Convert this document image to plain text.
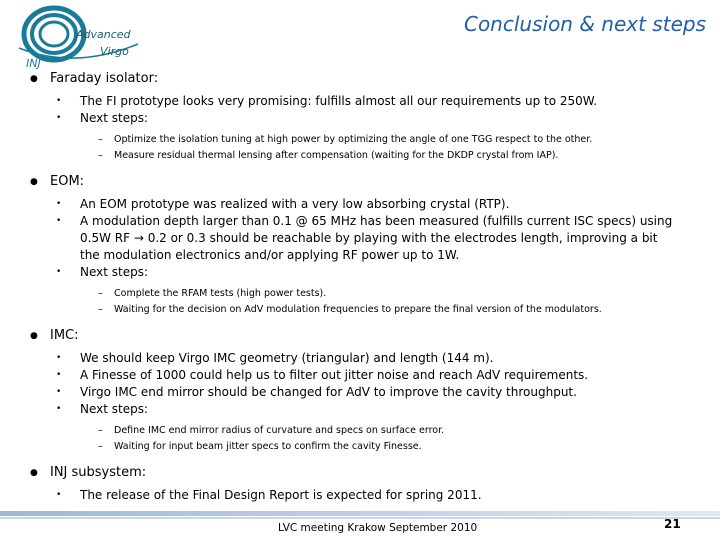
Advanced
Virgo
INJ
Conclusion & next steps
● Faraday isolator:
•	The FI prototype looks very promising: fulfills almost all our requirements up to 250W.
•	Next steps:
–	Optimize the isolation tuning at high power by optimizing the angle of one TGG respect to the other.
–	Measure residual thermal lensing after compensation (waiting for the DKDP crystal from IAP).
● EOM:
•	An EOM prototype was realized with a very low absorbing crystal (RTP).
•	A modulation depth larger than 0.1 @ 65 MHz has been measured (fulfills current ISC specs) using 0.5W RF → 0.2 or 0.3 should be reachable by playing with the electrodes length, improving a bit the modulation electronics and/or applying RF power up to 1W.
•	Next steps:
–	Complete the RFAM tests (high power tests).
–	Waiting for the decision on AdV modulation frequencies to prepare the final version of the modulators.
● IMC:
•	We should keep Virgo IMC geometry (triangular) and length (144 m).
•	A Finesse of 1000 could help us to filter out jitter noise and reach AdV requirements.
•	Virgo IMC end mirror should be changed for AdV to improve the cavity throughput.
•	Next steps:
–	Define IMC end mirror radius of curvature and specs on surface error.
–	Waiting for input beam jitter specs to confirm the cavity Finesse.
● INJ subsystem:
•	The release of the Final Design Report is expected for spring 2011.
LVC meeting Krakow September 2010	21
